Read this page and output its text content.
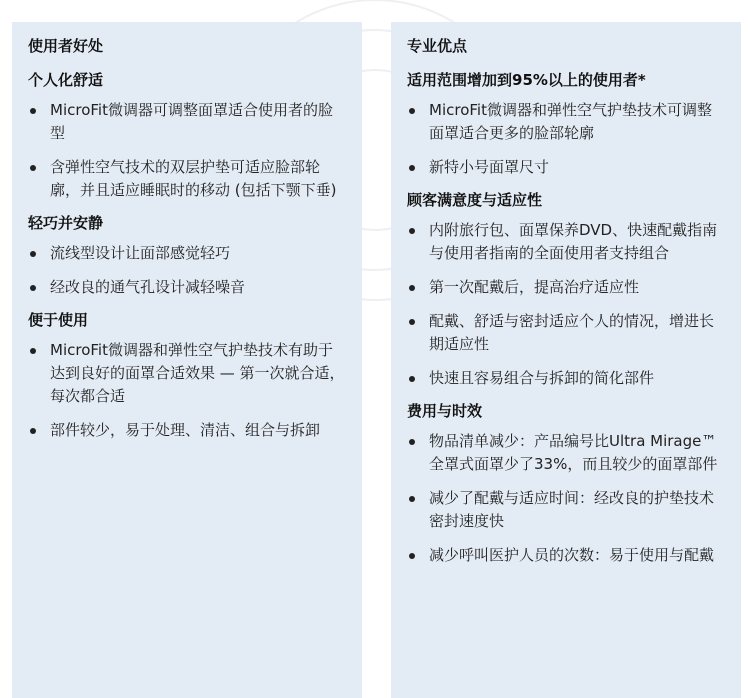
使用者好处
个人化舒适
MicroFit微调器可调整面罩适合使用者的脸型
含弹性空气技术的双层护垫可适应脸部轮廓，并且适应睡眠时的移动 (包括下颚下垂)
轻巧并安静
流线型设计让面部感觉轻巧
经改良的通气孔设计减轻噪音
便于使用
MicroFit微调器和弹性空气护垫技术有助于达到良好的面罩合适效果 — 第一次就合适，每次都合适
部件较少，易于处理、清洁、组合与拆卸
专业优点
适用范围增加到95%以上的使用者*
MicroFit微调器和弹性空气护垫技术可调整面罩适合更多的脸部轮廓
新特小号面罩尺寸
顾客满意度与适应性
内附旅行包、面罩保养DVD、快速配戴指南与使用者指南的全面使用者支持组合
第一次配戴后，提高治疗适应性
配戴、舒适与密封适应个人的情况，增进长期适应性
快速且容易组合与拆卸的简化部件
费用与时效
物品清单减少：产品编号比Ultra Mirage™全罩式面罩少了33%，而且较少的面罩部件
减少了配戴与适应时间：经改良的护垫技术密封速度快
减少呼叫医护人员的次数：易于使用与配戴
